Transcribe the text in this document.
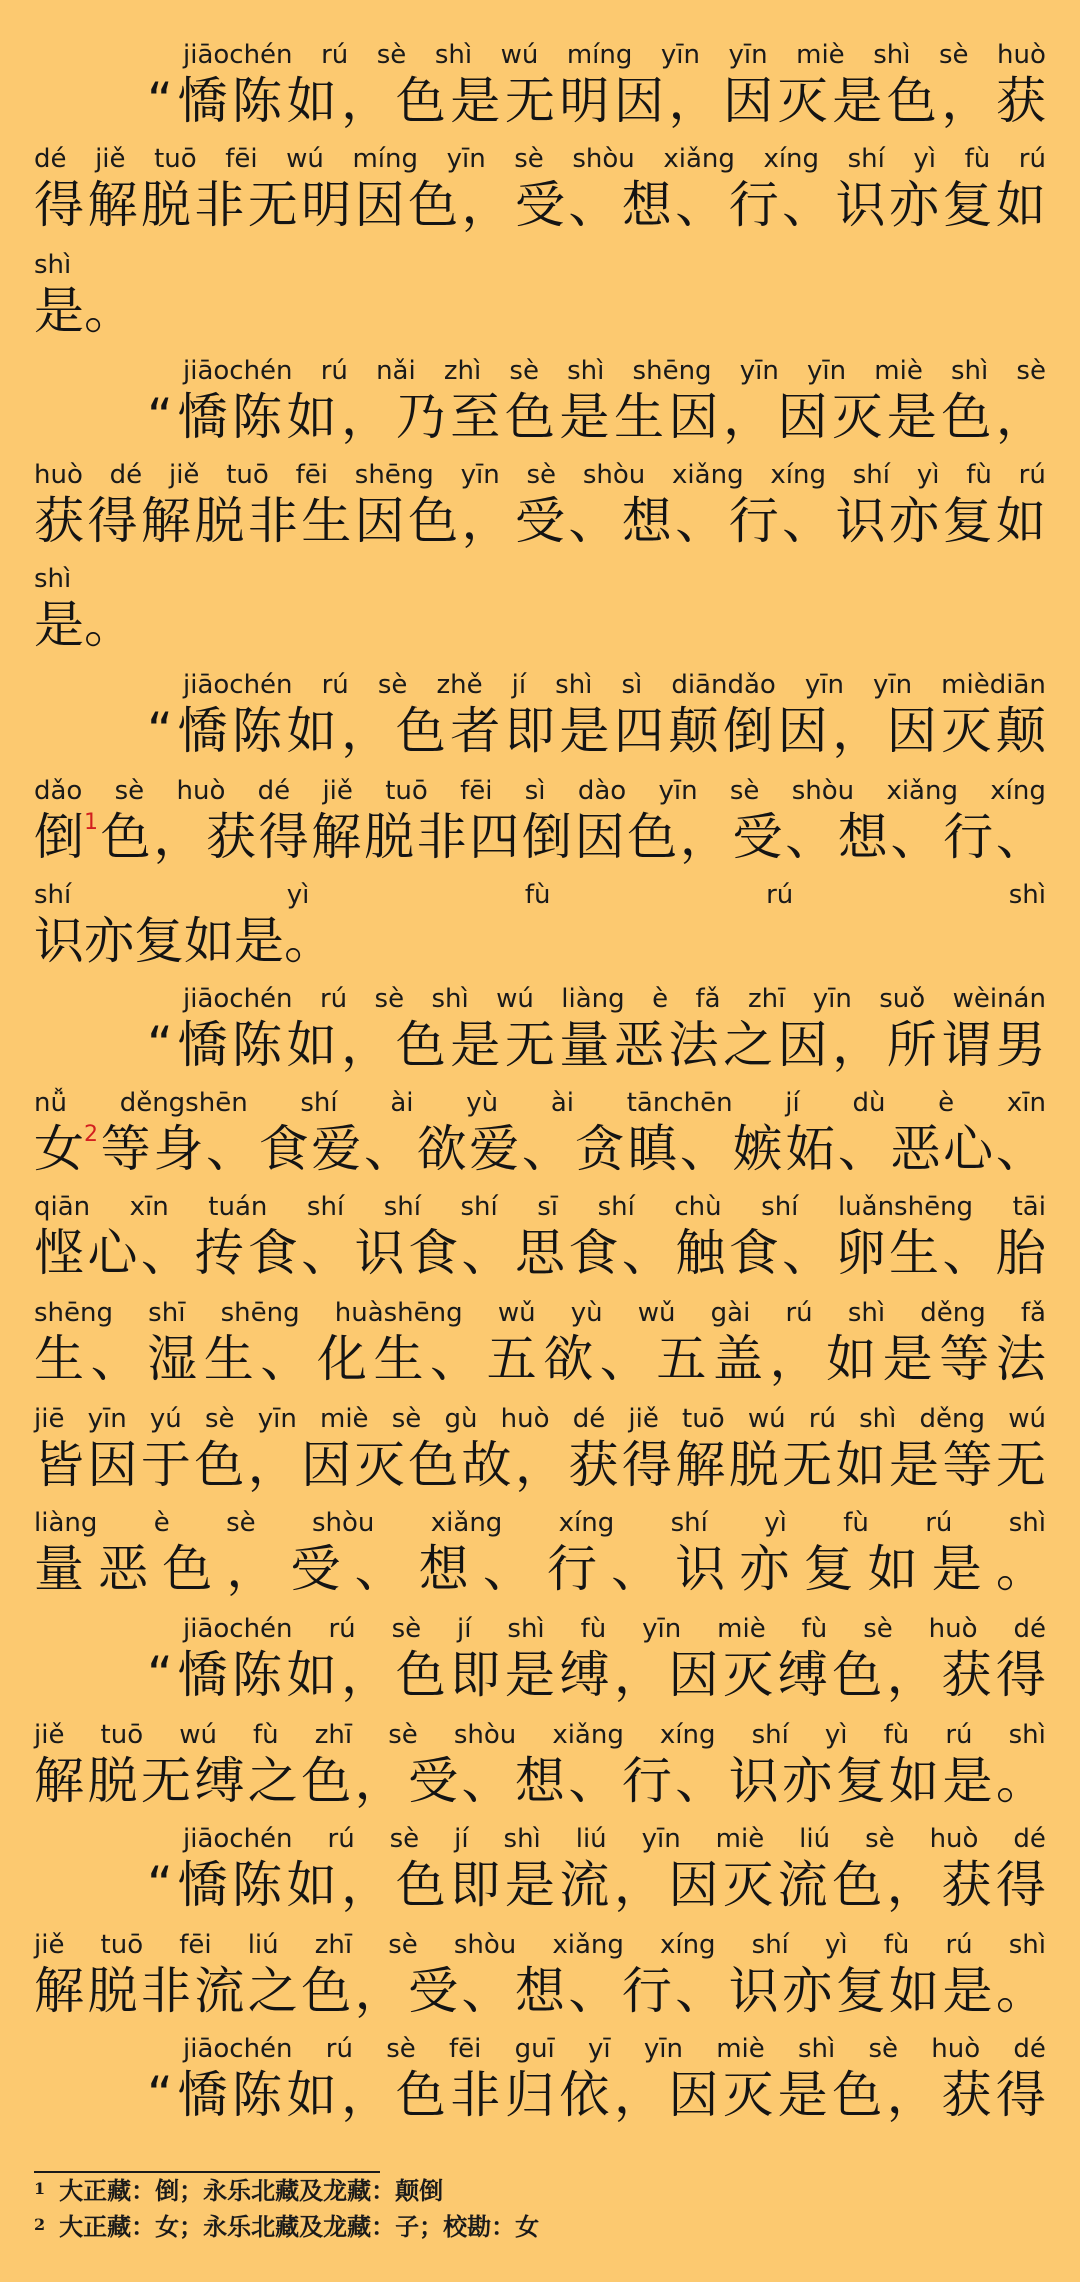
jiāochén rú sè shì wú míng yīn yīn miè shì sè huò
“ 憍 陈 如 ， 色 是 无 明 因 ， 因 灭 是 色 ， 获
dé jiě tuō fēi wú míng yīn sè shòu xiǎng xíng shí yì fù rú
得 解 脱 非 无 明 因 色 ， 受 、 想 、 行 、 识 亦 复 如
shì
是 。
jiāochén rú nǎi zhì sè shì shēng yīn yīn miè shì sè
“ 憍 陈 如 ， 乃 至 色 是 生 因 ， 因 灭 是 色 ，
huò dé jiě tuō fēi shēng yīn sè shòu xiǎng xíng shí yì fù rú
获 得 解 脱 非 生 因 色 ， 受 、 想 、 行 、 识 亦 复 如
shì
是 。
jiāochén rú sè zhě jí shì sì diāndǎo yīn yīn mièdiān
“ 憍 陈 如 ， 色 者 即 是 四 颠 倒 因 ， 因 灭 颠
dǎo sè huò dé jiě tuō fēi sì dào yīn sè shòu xiǎng xíng
倒$^1$ 色 ， 获 得 解 脱 非 四 倒 因 色 ， 受 、 想 、 行 、
shí	yì	fù	rú	shì
识 亦 复 如 是 。
jiāochén rú sè shì wú liàng è fǎ zhī yīn suǒ wèinán
“ 憍 陈 如 ， 色 是 无 量 恶 法 之 因 ， 所 谓 男
nǚ děngshēn shí ài yù ài tānchēn jí dù è xīn
女$^2$ 等 身 、 食 爱 、 欲 爱 、 贪 瞋 、 嫉 妬 、 恶 心 、
qiān xīn tuán shí shí shí sī shí chù shí luǎnshēng tāi
悭 心 、 抟 食 、 识 食 、 思 食 、 触 食 、 卵 生 、 胎
shēng shī shēng huàshēng wǔ yù wǔ gài rú shì děng fǎ
生 、 湿 生 、 化 生 、 五 欲 、 五 盖 ， 如 是 等 法
jiē yīn yú sè yīn miè sè gù huò dé jiě tuō wú rú shì děng wú
皆 因 于 色 ， 因 灭 色 故 ， 获 得 解 脱 无 如 是 等 无
liàng è sè shòu xiǎng xíng shí yì fù rú shì
量 恶 色 ， 受 、 想 、 行 、 识 亦 复 如 是 。
jiāochén rú sè jí shì fù yīn miè fù sè huò dé
“ 憍 陈 如 ， 色 即 是 缚 ， 因 灭 缚 色 ， 获 得
jiě tuō wú fù zhī sè shòu xiǎng xíng shí yì fù rú shì
解 脱 无 缚 之 色 ， 受 、 想 、 行 、 识 亦 复 如 是 。
jiāochén rú sè jí shì liú yīn miè liú sè huò dé
“ 憍 陈 如 ， 色 即 是 流 ， 因 灭 流 色 ， 获 得
jiě tuō fēi liú zhī sè shòu xiǎng xíng shí yì fù rú shì
解 脱 非 流 之 色 ， 受 、 想 、 行 、 识 亦 复 如 是 。
jiāochén rú sè fēi guī yī yīn miè shì sè huò dé
“ 憍 陈 如 ， 色 非 归 依 ， 因 灭 是 色 ， 获 得
$^1$ 大正藏：倒；永乐北藏及龙藏：颠倒
$^2$ 大正藏：女；永乐北藏及龙藏：子；校勘：女
